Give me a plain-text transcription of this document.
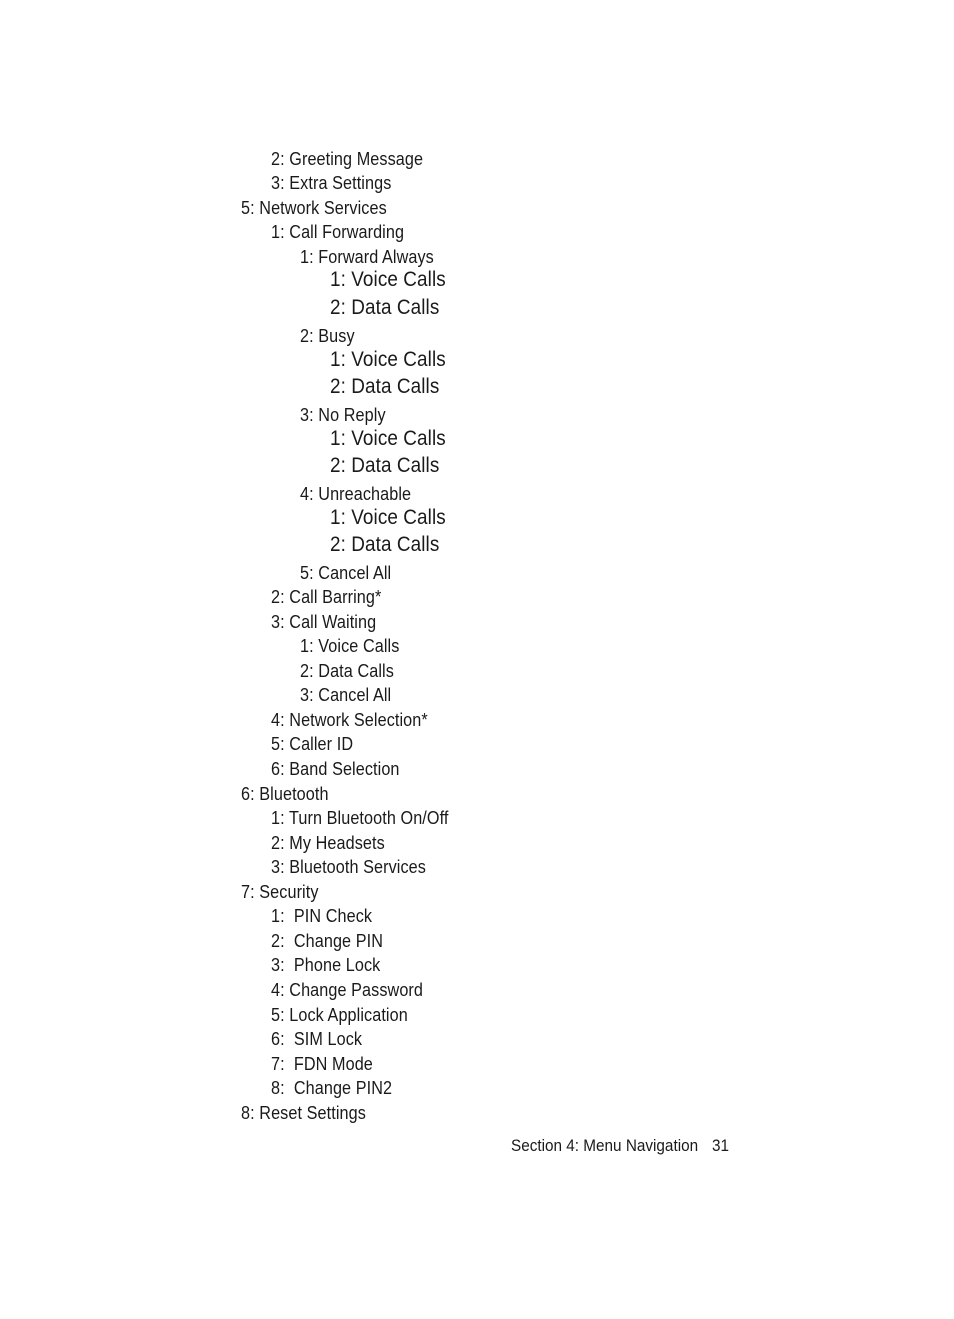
2: Greeting Message
3: Extra Settings
5: Network Services
1: Call Forwarding
1: Forward Always
1: Voice Calls
2: Data Calls
2: Busy
1: Voice Calls
2: Data Calls
3: No Reply
1: Voice Calls
2: Data Calls
4: Unreachable
1: Voice Calls
2: Data Calls
5: Cancel All
2: Call Barring*
3: Call Waiting
1: Voice Calls
2: Data Calls
3: Cancel All
4: Network Selection*
5: Caller ID
6: Band Selection
6: Bluetooth
1: Turn Bluetooth On/Off
2: My Headsets
3: Bluetooth Services
7: Security
1:  PIN Check
2:  Change PIN
3:  Phone Lock
4: Change Password
5: Lock Application
6:  SIM Lock
7:  FDN Mode
8:  Change PIN2
8: Reset Settings
Section 4: Menu Navigation 31
